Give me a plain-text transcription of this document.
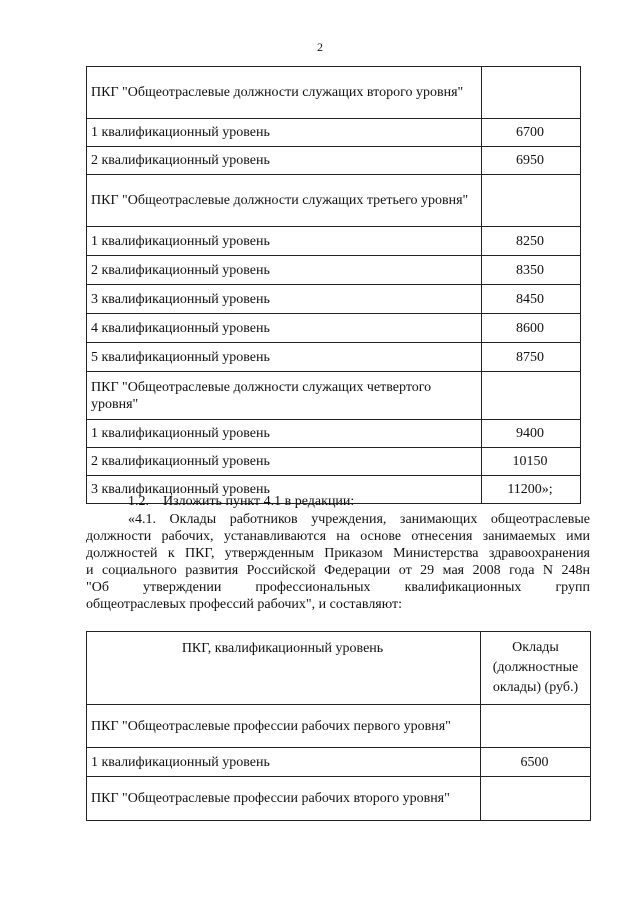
2
ПКГ "Общеотраслевые должности служащих второго уровня"	
1 квалификационный уровень	6700
2 квалификационный уровень	6950
ПКГ "Общеотраслевые должности служащих третьего уровня"	
1 квалификационный уровень	8250
2 квалификационный уровень	8350
3 квалификационный уровень	8450
4 квалификационный уровень	8600
5 квалификационный уровень	8750
ПКГ "Общеотраслевые должности служащих четвертого уровня"	
1 квалификационный уровень	9400
2 квалификационный уровень	10150
3 квалификационный уровень	11200»;
1.2. Изложить пункт 4.1 в редакции:
«4.1. Оклады работников учреждения, занимающих общеотраслевые
должности рабочих, устанавливаются на основе отнесения занимаемых ими
должностей к ПКГ, утвержденным Приказом Министерства здравоохранения
и социального развития Российской Федерации от 29 мая 2008 года N 248н
"Об утверждении профессиональных квалификационных групп
общеотраслевых профессий рабочих", и составляют:
ПКГ, квалификационный уровень	Оклады (должностные оклады) (руб.)
ПКГ "Общеотраслевые профессии рабочих первого уровня"	
1 квалификационный уровень	6500
ПКГ "Общеотраслевые профессии рабочих второго уровня"	
